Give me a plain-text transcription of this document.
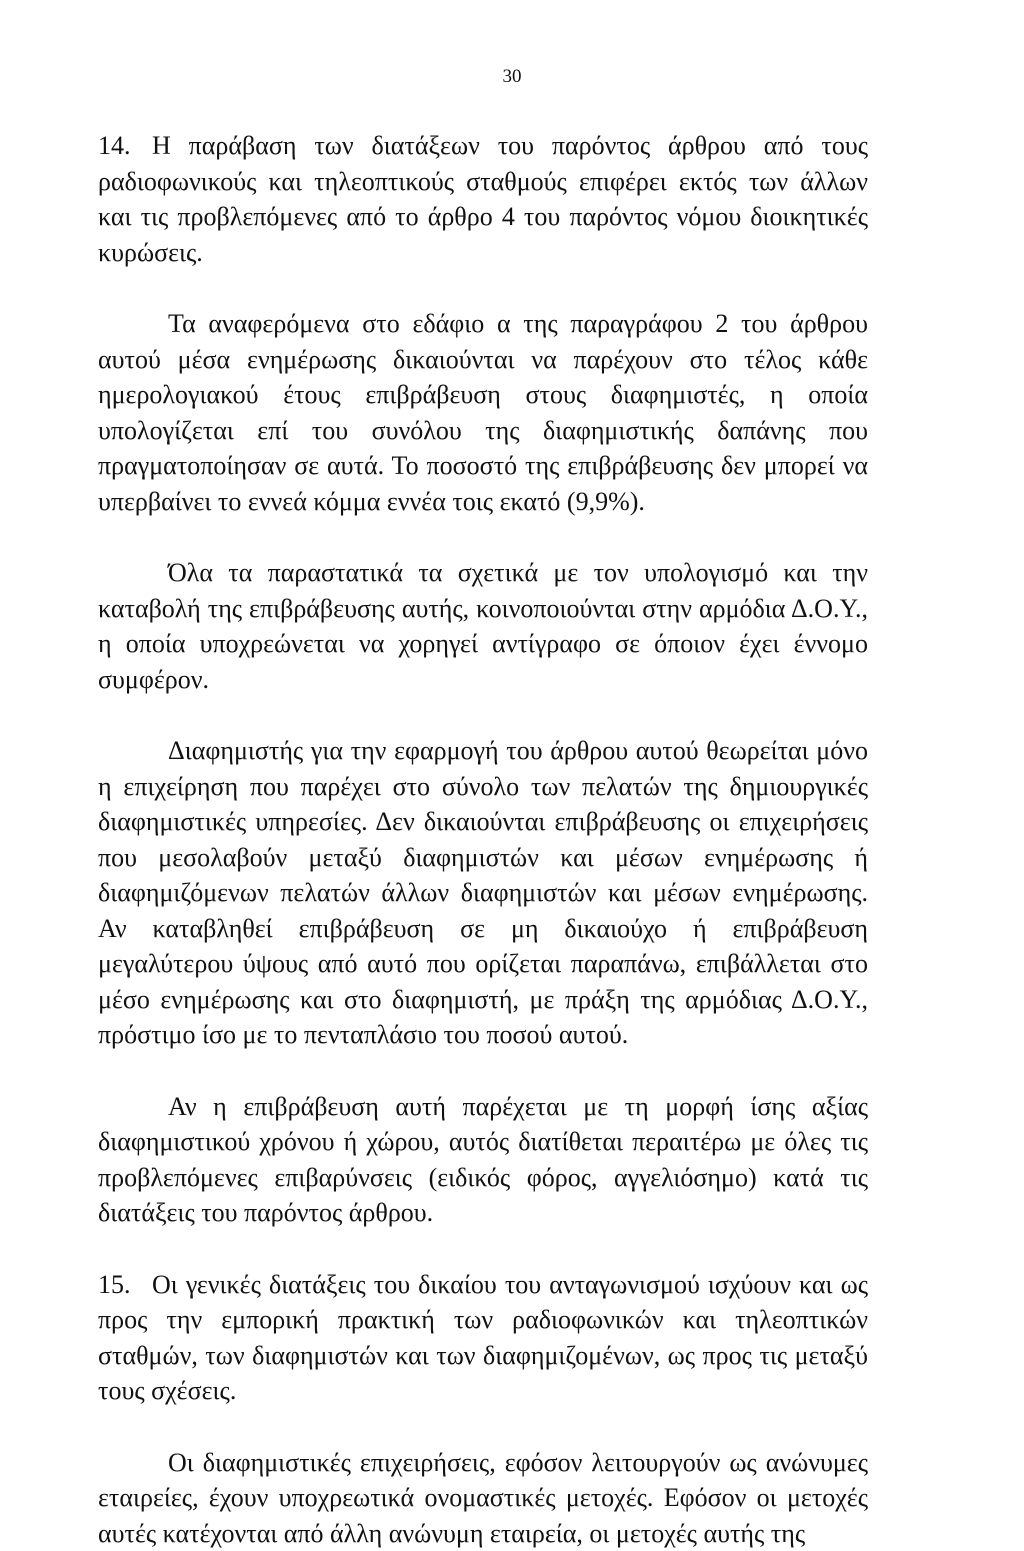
30

14. Η παράβαση των διατάξεων του παρόντος άρθρου από τους ραδιοφωνικούς και τηλεοπτικούς σταθμούς επιφέρει εκτός των άλλων και τις προβλεπόμενες από το άρθρο 4 του παρόντος νόμου διοικητικές κυρώσεις.

Τα αναφερόμενα στο εδάφιο α της παραγράφου 2 του άρθρου αυτού μέσα ενημέρωσης δικαιούνται να παρέχουν στο τέλος κάθε ημερολογιακού έτους επιβράβευση στους διαφημιστές, η οποία υπολογίζεται επί του συνόλου της διαφημιστικής δαπάνης που πραγματοποίησαν σε αυτά. Το ποσοστό της επιβράβευσης δεν μπορεί να υπερβαίνει το εννεά κόμμα εννέα τοις εκατό (9,9%).

Όλα τα παραστατικά τα σχετικά με τον υπολογισμό και την καταβολή της επιβράβευσης αυτής, κοινοποιούνται στην αρμόδια Δ.Ο.Υ., η οποία υποχρεώνεται να χορηγεί αντίγραφο σε όποιον έχει έννομο συμφέρον.

Διαφημιστής για την εφαρμογή του άρθρου αυτού θεωρείται μόνο η επιχείρηση που παρέχει στο σύνολο των πελατών της δημιουργικές διαφημιστικές υπηρεσίες. Δεν δικαιούνται επιβράβευσης οι επιχειρήσεις που μεσολαβούν μεταξύ διαφημιστών και μέσων ενημέρωσης ή διαφημιζόμενων πελατών άλλων διαφημιστών και μέσων ενημέρωσης. Αν καταβληθεί επιβράβευση σε μη δικαιούχο ή επιβράβευση μεγαλύτερου ύψους από αυτό που ορίζεται παραπάνω, επιβάλλεται στο μέσο ενημέρωσης και στο διαφημιστή, με πράξη της αρμόδιας Δ.Ο.Υ., πρόστιμο ίσο με το πενταπλάσιο του ποσού αυτού.

Αν η επιβράβευση αυτή παρέχεται με τη μορφή ίσης αξίας διαφημιστικού χρόνου ή χώρου, αυτός διατίθεται περαιτέρω με όλες τις προβλεπόμενες επιβαρύνσεις (ειδικός φόρος, αγγελιόσημο) κατά τις διατάξεις του παρόντος άρθρου.

15. Οι γενικές διατάξεις του δικαίου του ανταγωνισμού ισχύουν και ως προς την εμπορική πρακτική των ραδιοφωνικών και τηλεοπτικών σταθμών, των διαφημιστών και των διαφημιζομένων, ως προς τις μεταξύ τους σχέσεις.

Οι διαφημιστικές επιχειρήσεις, εφόσον λειτουργούν ως ανώνυμες εταιρείες, έχουν υποχρεωτικά ονομαστικές μετοχές. Εφόσον οι μετοχές αυτές κατέχονται από άλλη ανώνυμη εταιρεία, οι μετοχές αυτής της
